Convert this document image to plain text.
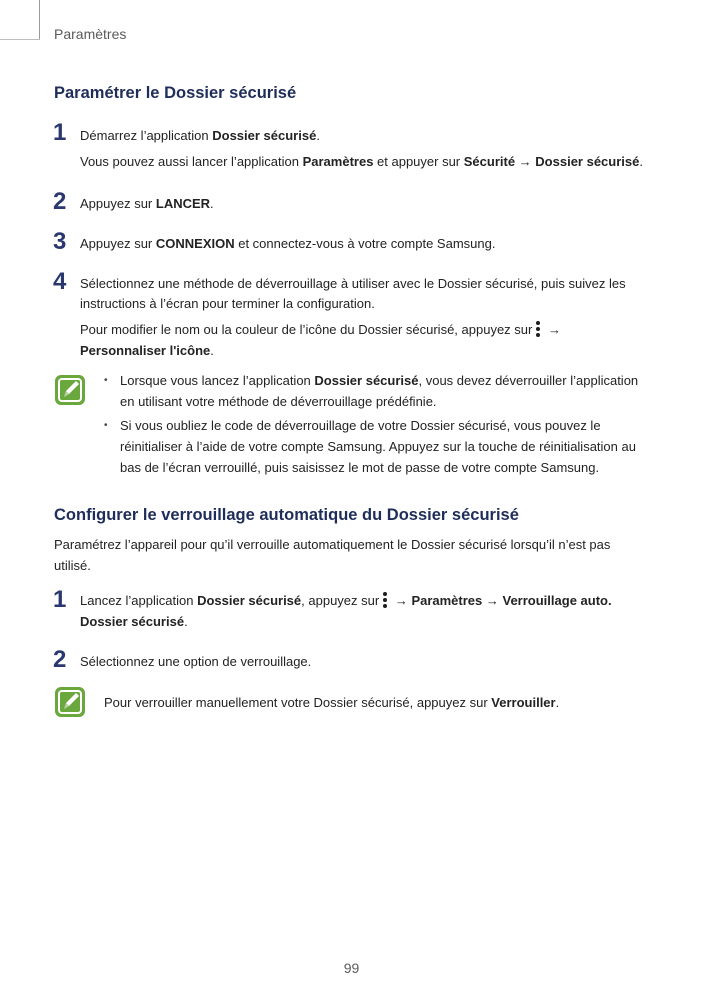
Paramètres
Paramétrer le Dossier sécurisé
1 Démarrez l’application Dossier sécurisé.
Vous pouvez aussi lancer l’application Paramètres et appuyer sur Sécurité → Dossier sécurisé.
2 Appuyez sur LANCER.
3 Appuyez sur CONNEXION et connectez-vous à votre compte Samsung.
4 Sélectionnez une méthode de déverrouillage à utiliser avec le Dossier sécurisé, puis suivez les
instructions à l’écran pour terminer la configuration.
Pour modifier le nom ou la couleur de l’icône du Dossier sécurisé, appuyez sur
→
Personnaliser l'icône.
• Lorsque vous lancez l’application Dossier sécurisé, vous devez déverrouiller l’application
en utilisant votre méthode de déverrouillage prédéfinie.
• Si vous oubliez le code de déverrouillage de votre Dossier sécurisé, vous pouvez le
réinitialiser à l’aide de votre compte Samsung. Appuyez sur la touche de réinitialisation au
bas de l’écran verrouillé, puis saisissez le mot de passe de votre compte Samsung.
Configurer le verrouillage automatique du Dossier sécurisé
Paramétrez l’appareil pour qu’il verrouille automatiquement le Dossier sécurisé lorsqu’il n’est pas
utilisé.
1 Lancez l’application Dossier sécurisé, appuyez sur
→ Paramètres → Verrouillage auto.
Dossier sécurisé.
2 Sélectionnez une option de verrouillage.
Pour verrouiller manuellement votre Dossier sécurisé, appuyez sur Verrouiller.
99
